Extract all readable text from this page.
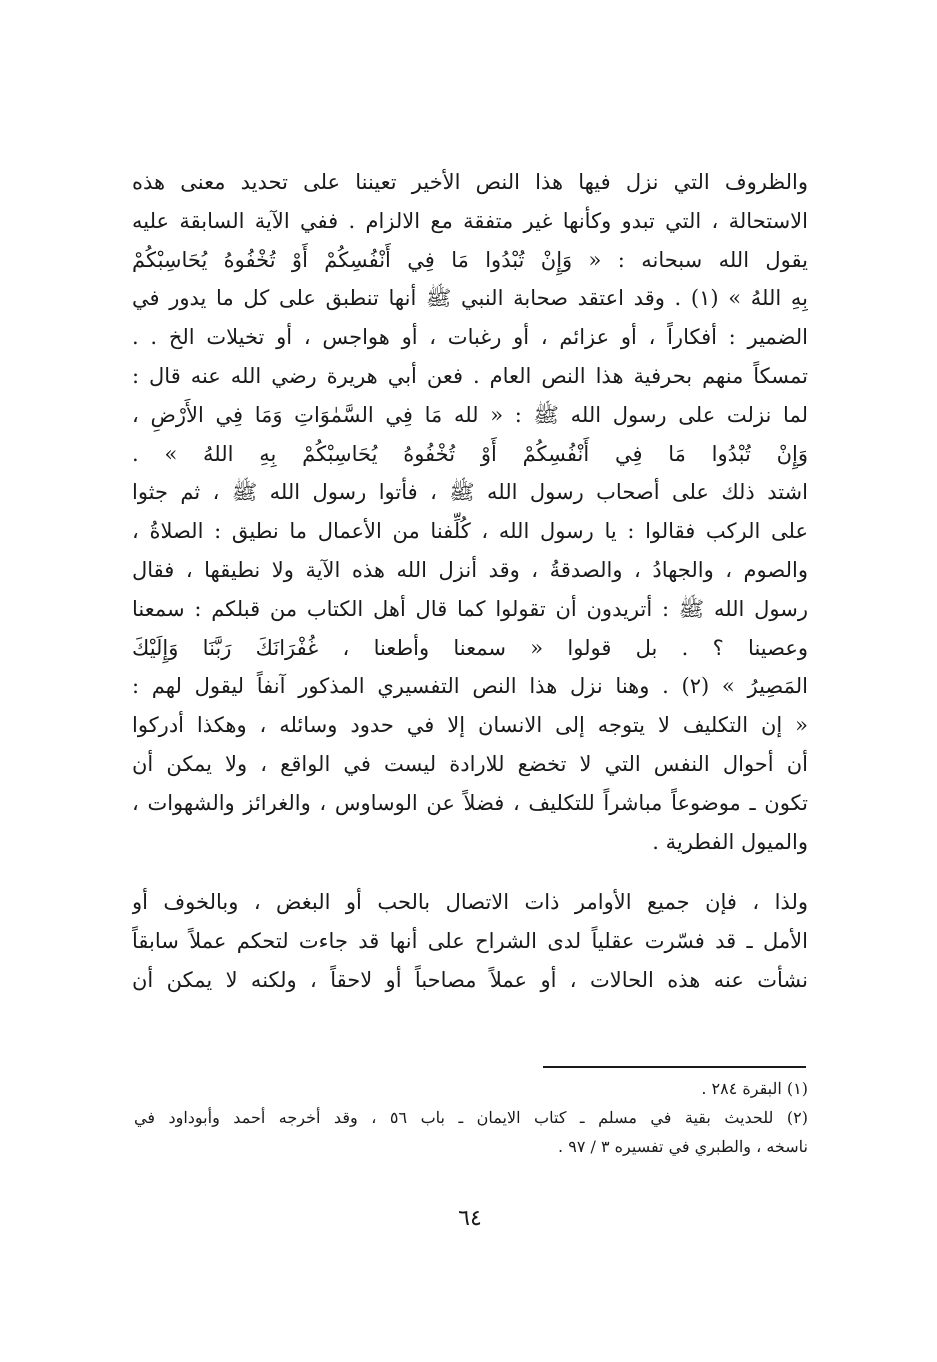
والظروف التي نزل فيها هذا النص الأخير تعيننا على تحديد معنى هذه
الاستحالة ، التي تبدو وكأنها غير متفقة مع الالزام . ففي الآية السابقة عليه
يقول الله سبحانه : « وَإِنْ تُبْدُوا مَا فِي أَنْفُسِكُمْ أَوْ تُخْفُوهُ يُحَاسِبْكُمْ
بِهِ اللهُ » (١) . وقد اعتقد صحابة النبي ﷺ أنها تنطبق على كل ما يدور في
الضمير : أفكاراً ، أو عزائم ، أو رغبات ، أو هواجس ، أو تخيلات الخ . .
تمسكاً منهم بحرفية هذا النص العام . فعن أبي هريرة رضي الله عنه قال :
لما نزلت على رسول الله ﷺ : « لله مَا فِي السَّمٰوَاتِ وَمَا فِي الأَرْضِ ،
وَإِنْ تُبْدُوا مَا فِي أَنْفُسِكُمْ أَوْ تُخْفُوهُ يُحَاسِبْكُمْ بِهِ اللهُ » .
اشتد ذلك على أصحاب رسول الله ﷺ ، فأتوا رسول الله ﷺ ، ثم جثوا
على الركب فقالوا : يا رسول الله ، كُلِّفنا من الأعمال ما نطيق : الصلاةُ ،
والصوم ، والجهادُ ، والصدقةُ ، وقد أنزل الله هذه الآية ولا نطيقها ، فقال
رسول الله ﷺ : أتريدون أن تقولوا كما قال أهل الكتاب من قبلكم : سمعنا
وعصينا ؟ . بل قولوا « سمعنا وأطعنا ، غُفْرَانَكَ رَبَّنَا وَإِلَيْكَ
المَصِيرُ » (٢) . وهنا نزل هذا النص التفسيري المذكور آنفاً ليقول لهم :
« إن التكليف لا يتوجه إلى الانسان إلا في حدود وسائله ، وهكذا أدركوا
أن أحوال النفس التي لا تخضع للارادة ليست في الواقع ، ولا يمكن أن
تكون ـ موضوعاً مباشراً للتكليف ، فضلاً عن الوساوس ، والغرائز والشهوات ،
والميول الفطرية .
ولذا ، فإن جميع الأوامر ذات الاتصال بالحب أو البغض ، وبالخوف أو
الأمل ـ قد فسّرت عقلياً لدى الشراح على أنها قد جاءت لتحكم عملاً سابقاً
نشأت عنه هذه الحالات ، أو عملاً مصاحباً أو لاحقاً ، ولكنه لا يمكن أن
(١) البقرة ٢٨٤ .
(٢) للحديث بقية في مسلم ـ كتاب الايمان ـ باب ٥٦ ، وقد أخرجه أحمد وأبوداود في
ناسخه ، والطبري في تفسيره ٣ / ٩٧ .
٦٤
